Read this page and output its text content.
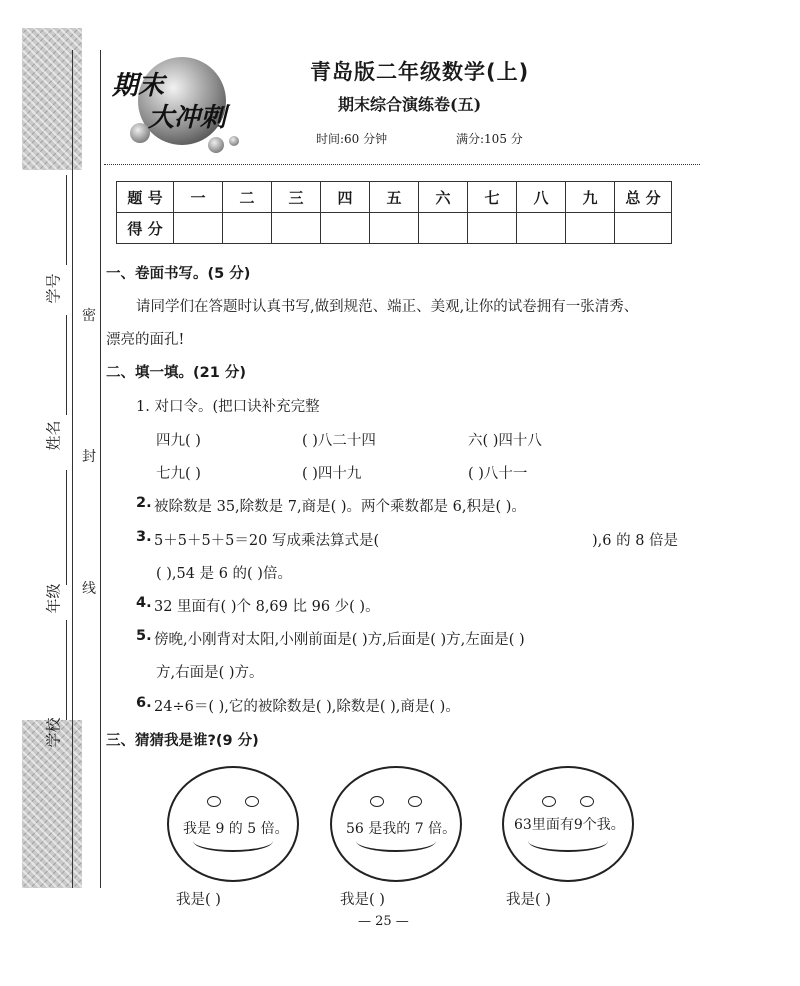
学号
姓名
年级
学校
密
封
线
期末
大冲刺
青岛版二年级数学(上)
期末综合演练卷(五)
时间:60 分钟	满分:105 分
题 号	一	二	三	四	五	六	七	八	九	总 分
得 分										
一、卷面书写。(5 分)
请同学们在答题时认真书写,做到规范、端正、美观,让你的试卷拥有一张清秀、
漂亮的面孔!
二、填一填。(21 分)
1. 对口令。(把口诀补充完整
四九( )	( )八二十四	六( )四十八
七九( )	( )四十九	( )八十一
2. 被除数是 35,除数是 7,商是( )。两个乘数都是 6,积是( )。
3. 5＋5＋5＋5＝20 写成乘法算式是(	),6 的 8 倍是
( ),54 是 6 的( )倍。
4. 32 里面有( )个 8,69 比 96 少( )。
5. 傍晚,小刚背对太阳,小刚前面是( )方,后面是( )方,左面是( )
方,右面是( )方。
6. 24÷6＝( ),它的被除数是( ),除数是( ),商是( )。
三、猜猜我是谁?(9 分)
我是 9 的 5 倍。	56 是我的 7 倍。	63里面有9个我。
我是( )	我是( )	我是( )
— 25 —
